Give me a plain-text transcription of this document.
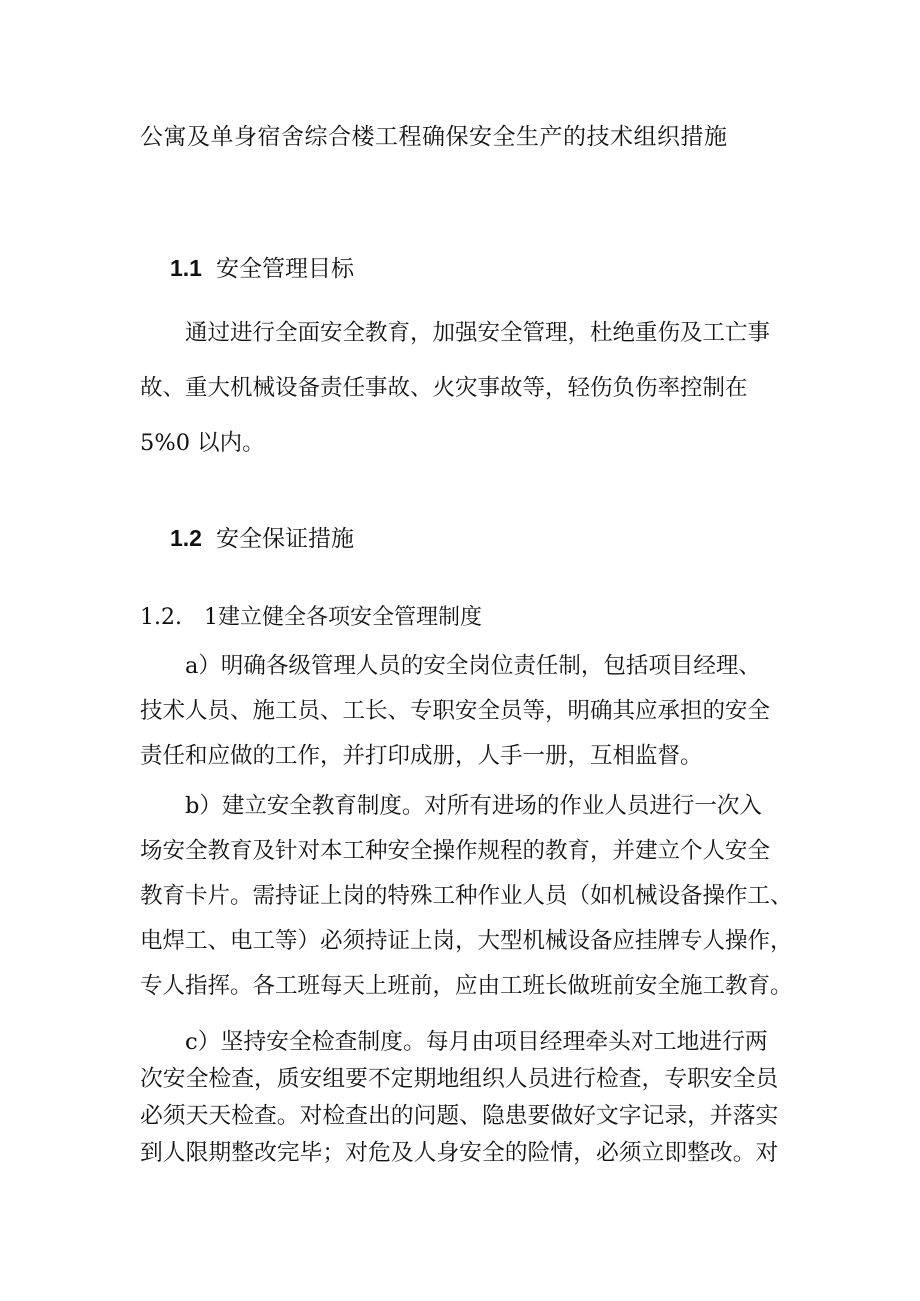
公寓及单身宿舍综合楼工程确保安全生产的技术组织措施
1.1 安全管理目标
通过进行全面安全教育，加强安全管理，杜绝重伤及工亡事
故、重大机械设备责任事故、火灾事故等，轻伤负伤率控制在
5%0 以内。
1.2 安全保证措施
1.2.　1建立健全各项安全管理制度
a）明确各级管理人员的安全岗位责任制，包括项目经理、
技术人员、施工员、工长、专职安全员等，明确其应承担的安全
责任和应做的工作，并打印成册，人手一册，互相监督。
b）建立安全教育制度。对所有进场的作业人员进行一次入
场安全教育及针对本工种安全操作规程的教育，并建立个人安全
教育卡片。需持证上岗的特殊工种作业人员（如机械设备操作工、
电焊工、电工等）必须持证上岗，大型机械设备应挂牌专人操作，
专人指挥。各工班每天上班前，应由工班长做班前安全施工教育。
c）坚持安全检查制度。每月由项目经理牵头对工地进行两
次安全检查，质安组要不定期地组织人员进行检查，专职安全员
必须天天检查。对检查出的问题、隐患要做好文字记录，并落实
到人限期整改完毕；对危及人身安全的险情，必须立即整改。对
